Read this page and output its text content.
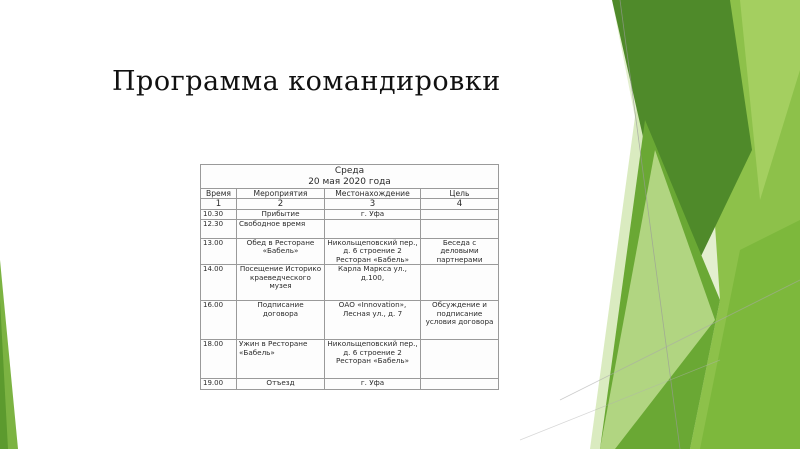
Программа командировки
Среда
20 мая 2020 года			

Время	Мероприятия	Местонахождение	Цель
1	2	3	4
10.30	Прибытие	г. Уфа	
12.30	Свободное время		
13.00	Обед в Ресторане «Бабель»	Никольщеповский пер., д. 6 строение 2 Ресторан «Бабель»	Беседа с деловыми партнерами
14.00	Посещение Историко краеведческого музея	Карла Маркса ул., д.100,	
16.00	Подписание договора	ОАО «Innovation», Лесная ул., д. 7	Обсуждение и подписание условия договора
18.00	Ужин в Ресторане «Бабель»	Никольщеповский пер., д. 6 строение 2 Ресторан «Бабель»	
19.00	Отъезд	г. Уфа	
